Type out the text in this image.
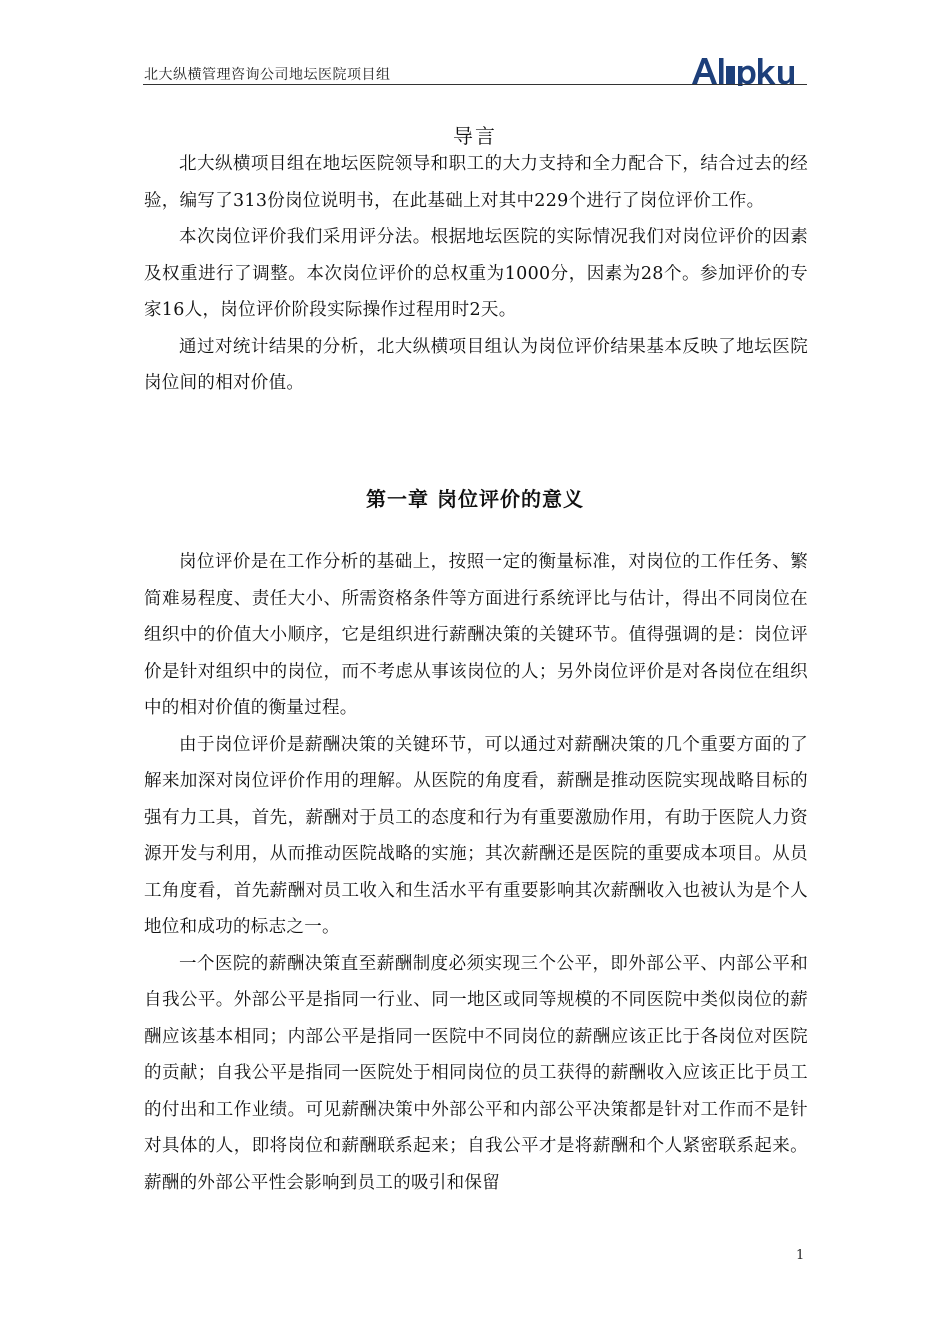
北大纵横管理咨询公司地坛医院项目组
导言

北大纵横项目组在地坛医院领导和职工的大力支持和全力配合下，结合过去的经验，编写了313份岗位说明书，在此基础上对其中229个进行了岗位评价工作。

本次岗位评价我们采用评分法。根据地坛医院的实际情况我们对岗位评价的因素及权重进行了调整。本次岗位评价的总权重为1000分，因素为28个。参加评价的专家16人，岗位评价阶段实际操作过程用时2天。

通过对统计结果的分析，北大纵横项目组认为岗位评价结果基本反映了地坛医院岗位间的相对价值。

第一章 岗位评价的意义

岗位评价是在工作分析的基础上，按照一定的衡量标准，对岗位的工作任务、繁简难易程度、责任大小、所需资格条件等方面进行系统评比与估计，得出不同岗位在组织中的价值大小顺序，它是组织进行薪酬决策的关键环节。值得强调的是：岗位评价是针对组织中的岗位，而不考虑从事该岗位的人；另外岗位评价是对各岗位在组织中的相对价值的衡量过程。

由于岗位评价是薪酬决策的关键环节，可以通过对薪酬决策的几个重要方面的了解来加深对岗位评价作用的理解。从医院的角度看，薪酬是推动医院实现战略目标的强有力工具，首先，薪酬对于员工的态度和行为有重要激励作用，有助于医院人力资源开发与利用，从而推动医院战略的实施；其次薪酬还是医院的重要成本项目。从员工角度看，首先薪酬对员工收入和生活水平有重要影响其次薪酬收入也被认为是个人地位和成功的标志之一。

一个医院的薪酬决策直至薪酬制度必须实现三个公平，即外部公平、内部公平和自我公平。外部公平是指同一行业、同一地区或同等规模的不同医院中类似岗位的薪酬应该基本相同；内部公平是指同一医院中不同岗位的薪酬应该正比于各岗位对医院的贡献；自我公平是指同一医院处于相同岗位的员工获得的薪酬收入应该正比于员工的付出和工作业绩。可见薪酬决策中外部公平和内部公平决策都是针对工作而不是针对具体的人，即将岗位和薪酬联系起来；自我公平才是将薪酬和个人紧密联系起来。薪酬的外部公平性会影响到员工的吸引和保留

1
